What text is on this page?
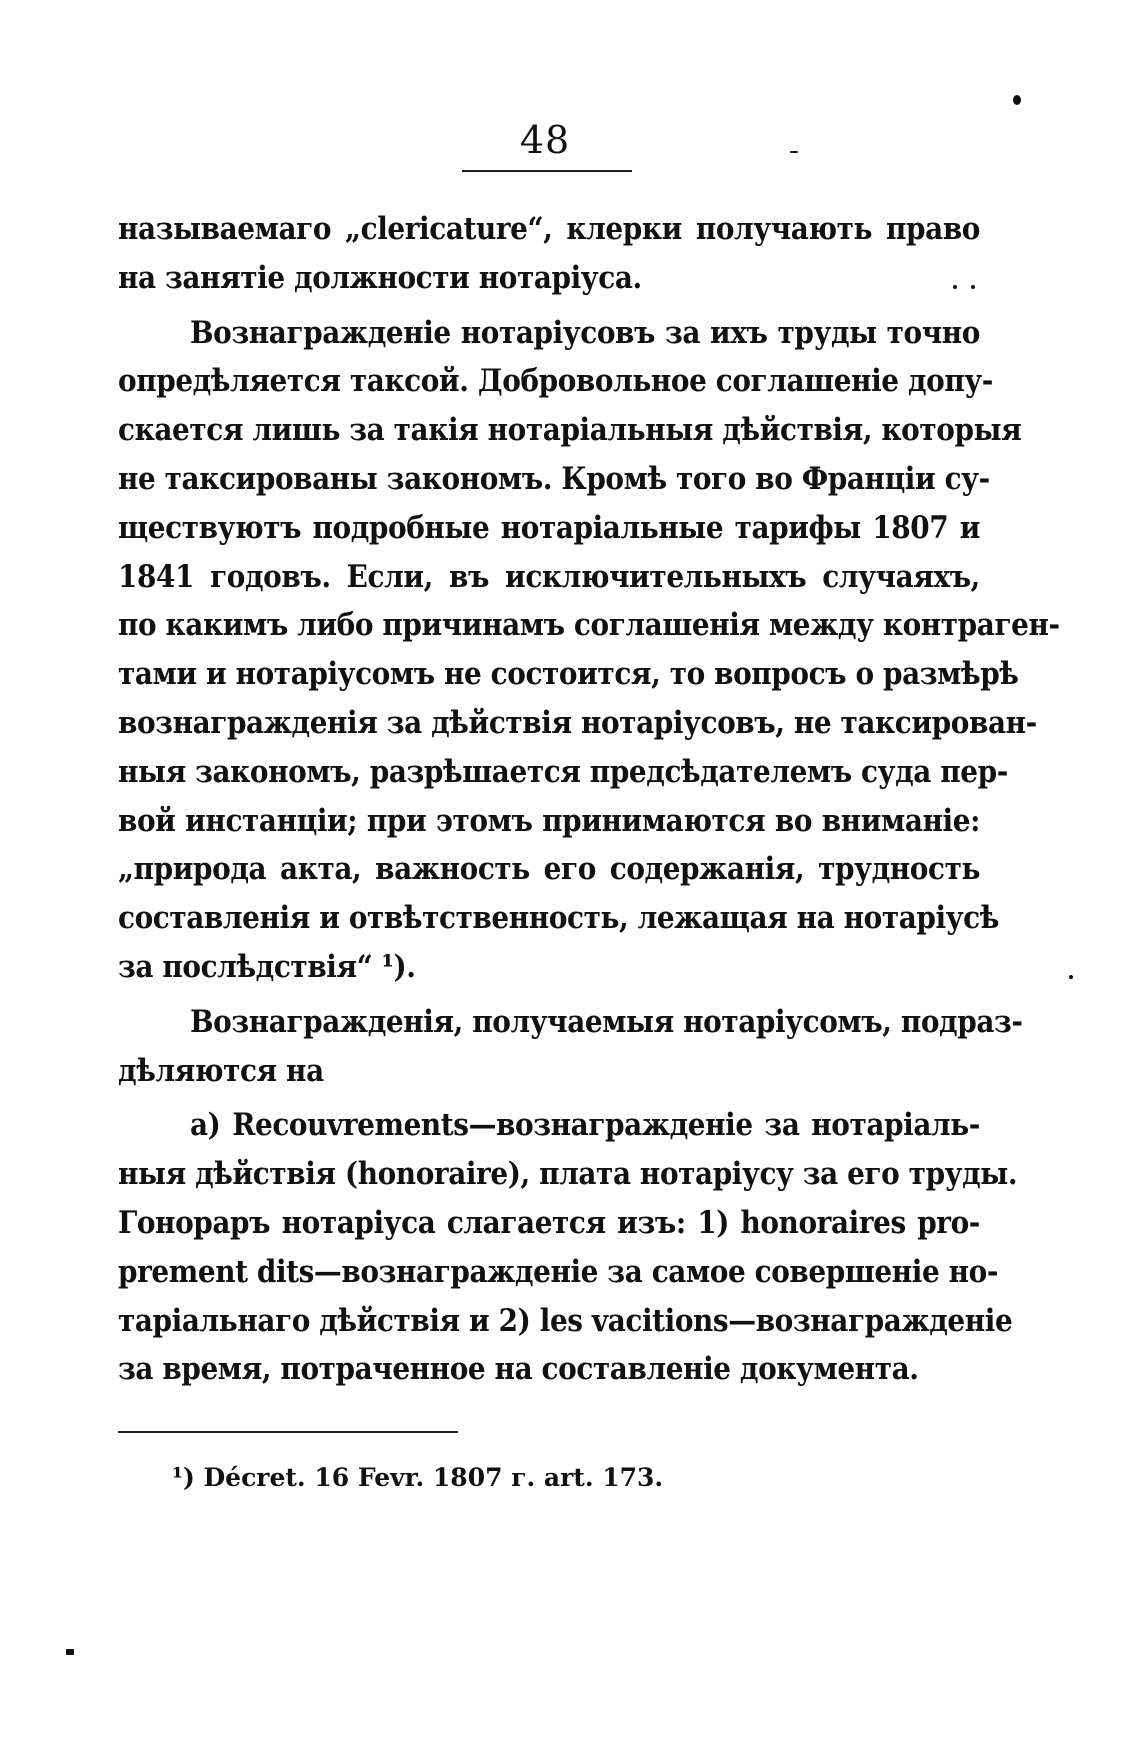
48
называемаго „clericature“, клерки получають право
на занятіе должности нотаріуса.
Вознагражденіе нотаріусовъ за ихъ труды точно
опредѣляется таксой. Добровольное соглашеніе допу-
скается лишь за такія нотаріальныя дѣйствія, которыя
не таксированы закономъ. Кромѣ того во Франціи су-
ществуютъ подробные нотаріальные тарифы 1807 и
1841 годовъ. Если, въ исключительныхъ случаяхъ,
по какимъ либо причинамъ соглашенія между контраген-
тами и нотаріусомъ не состоится, то вопросъ о размѣрѣ
вознагражденія за дѣйствія нотаріусовъ, не таксирован-
ныя закономъ, разрѣшается предсѣдателемъ суда пер-
вой инстанціи; при этомъ принимаются во вниманіе:
„природа акта, важность его содержанія, трудность
составленія и отвѣтственность, лежащая на нотаріусѣ
за послѣдствія“ ¹).
Вознагражденія, получаемыя нотаріусомъ, подраз-
дѣляются на
a) Recouvrements—вознагражденіе за нотаріаль-
ныя дѣйствія (honoraire), плата нотаріусу за его труды.
Гонораръ нотаріуса слагается изъ: 1) honoraires pro-
prement dits—вознагражденіе за самое совершеніе но-
таріальнаго дѣйствія и 2) les vacitions—вознагражденіе
за время, потраченное на составленіе документа.
¹) Décret. 16 Fevr. 1807 г. art. 173.
